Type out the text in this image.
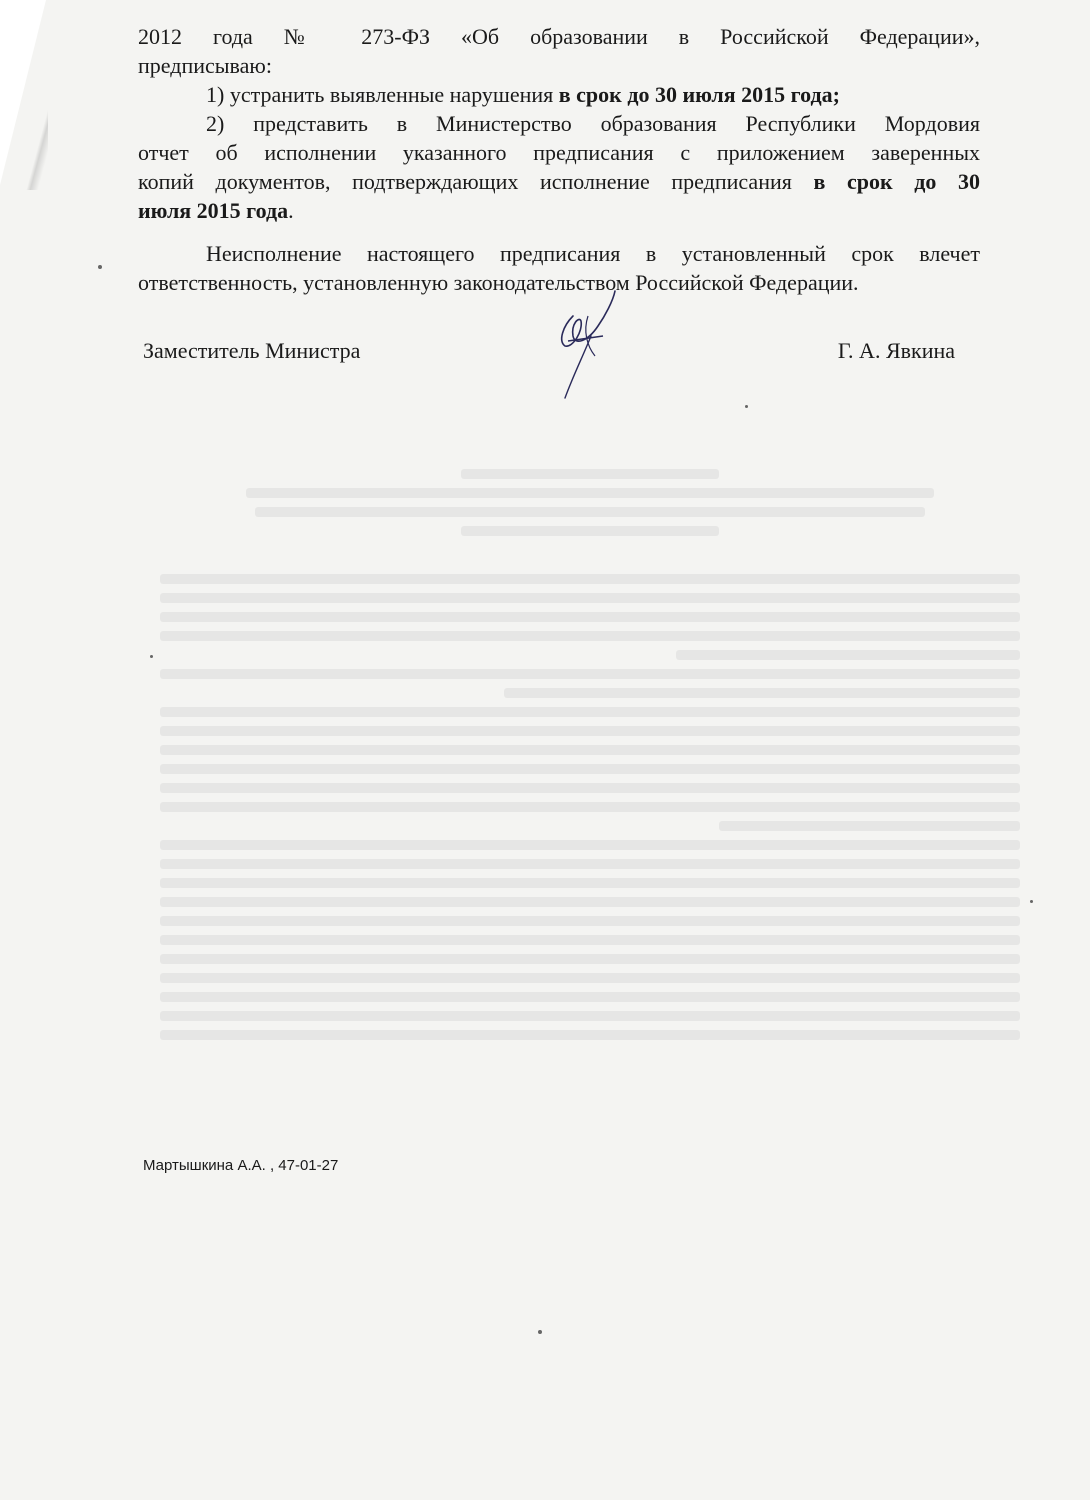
2012 года № 273-ФЗ «Об образовании в Российской Федерации»,

предписываю:

1) устранить выявленные нарушения в срок до 30 июля 2015 года;

2) представить в Министерство образования Республики Мордовия

отчет об исполнении указанного предписания с приложением заверенных

копий документов, подтверждающих исполнение предписания в срок до 30

июля 2015 года.

Неисполнение настоящего предписания в установленный срок влечет

ответственность, установленную законодательством Российской Федерации.

Заместитель Министра	Г. А. Явкина
Мартышкина А.А. , 47-01-27
